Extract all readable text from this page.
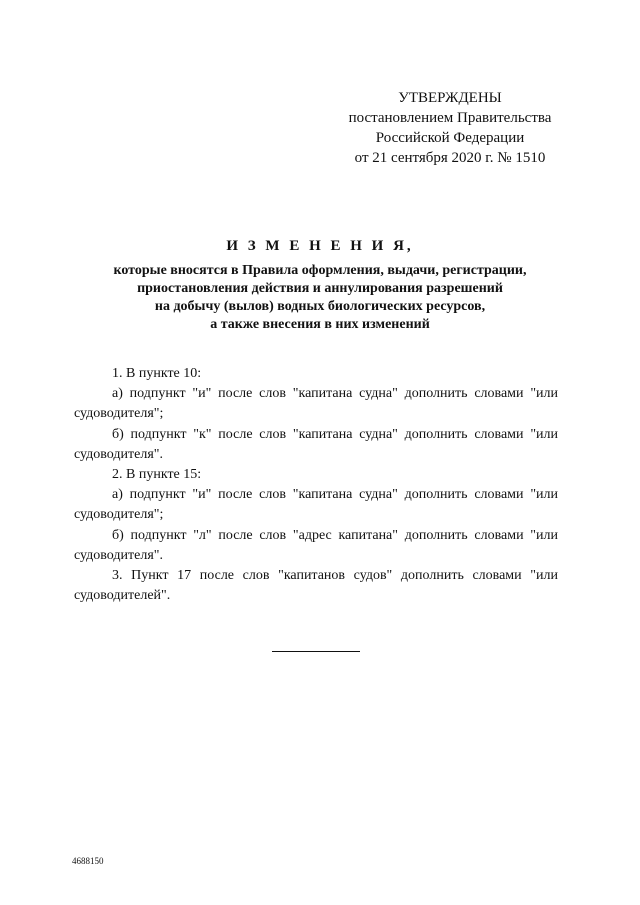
УТВЕРЖДЕНЫ
постановлением Правительства
Российской Федерации
от 21 сентября 2020 г. № 1510
И З М Е Н Е Н И Я,
которые вносятся в Правила оформления, выдачи, регистрации,
приостановления действия и аннулирования разрешений
на добычу (вылов) водных биологических ресурсов,
а также внесения в них изменений

1. В пункте 10:

а) подпункт "и" после слов "капитана судна" дополнить словами "или судоводителя";

б) подпункт "к" после слов "капитана судна" дополнить словами "или судоводителя".

2. В пункте 15:

а) подпункт "и" после слов "капитана судна" дополнить словами "или судоводителя";

б) подпункт "л" после слов "адрес капитана" дополнить словами "или судоводителя".

3. Пункт 17 после слов "капитанов судов" дополнить словами "или судоводителей".

4688150
